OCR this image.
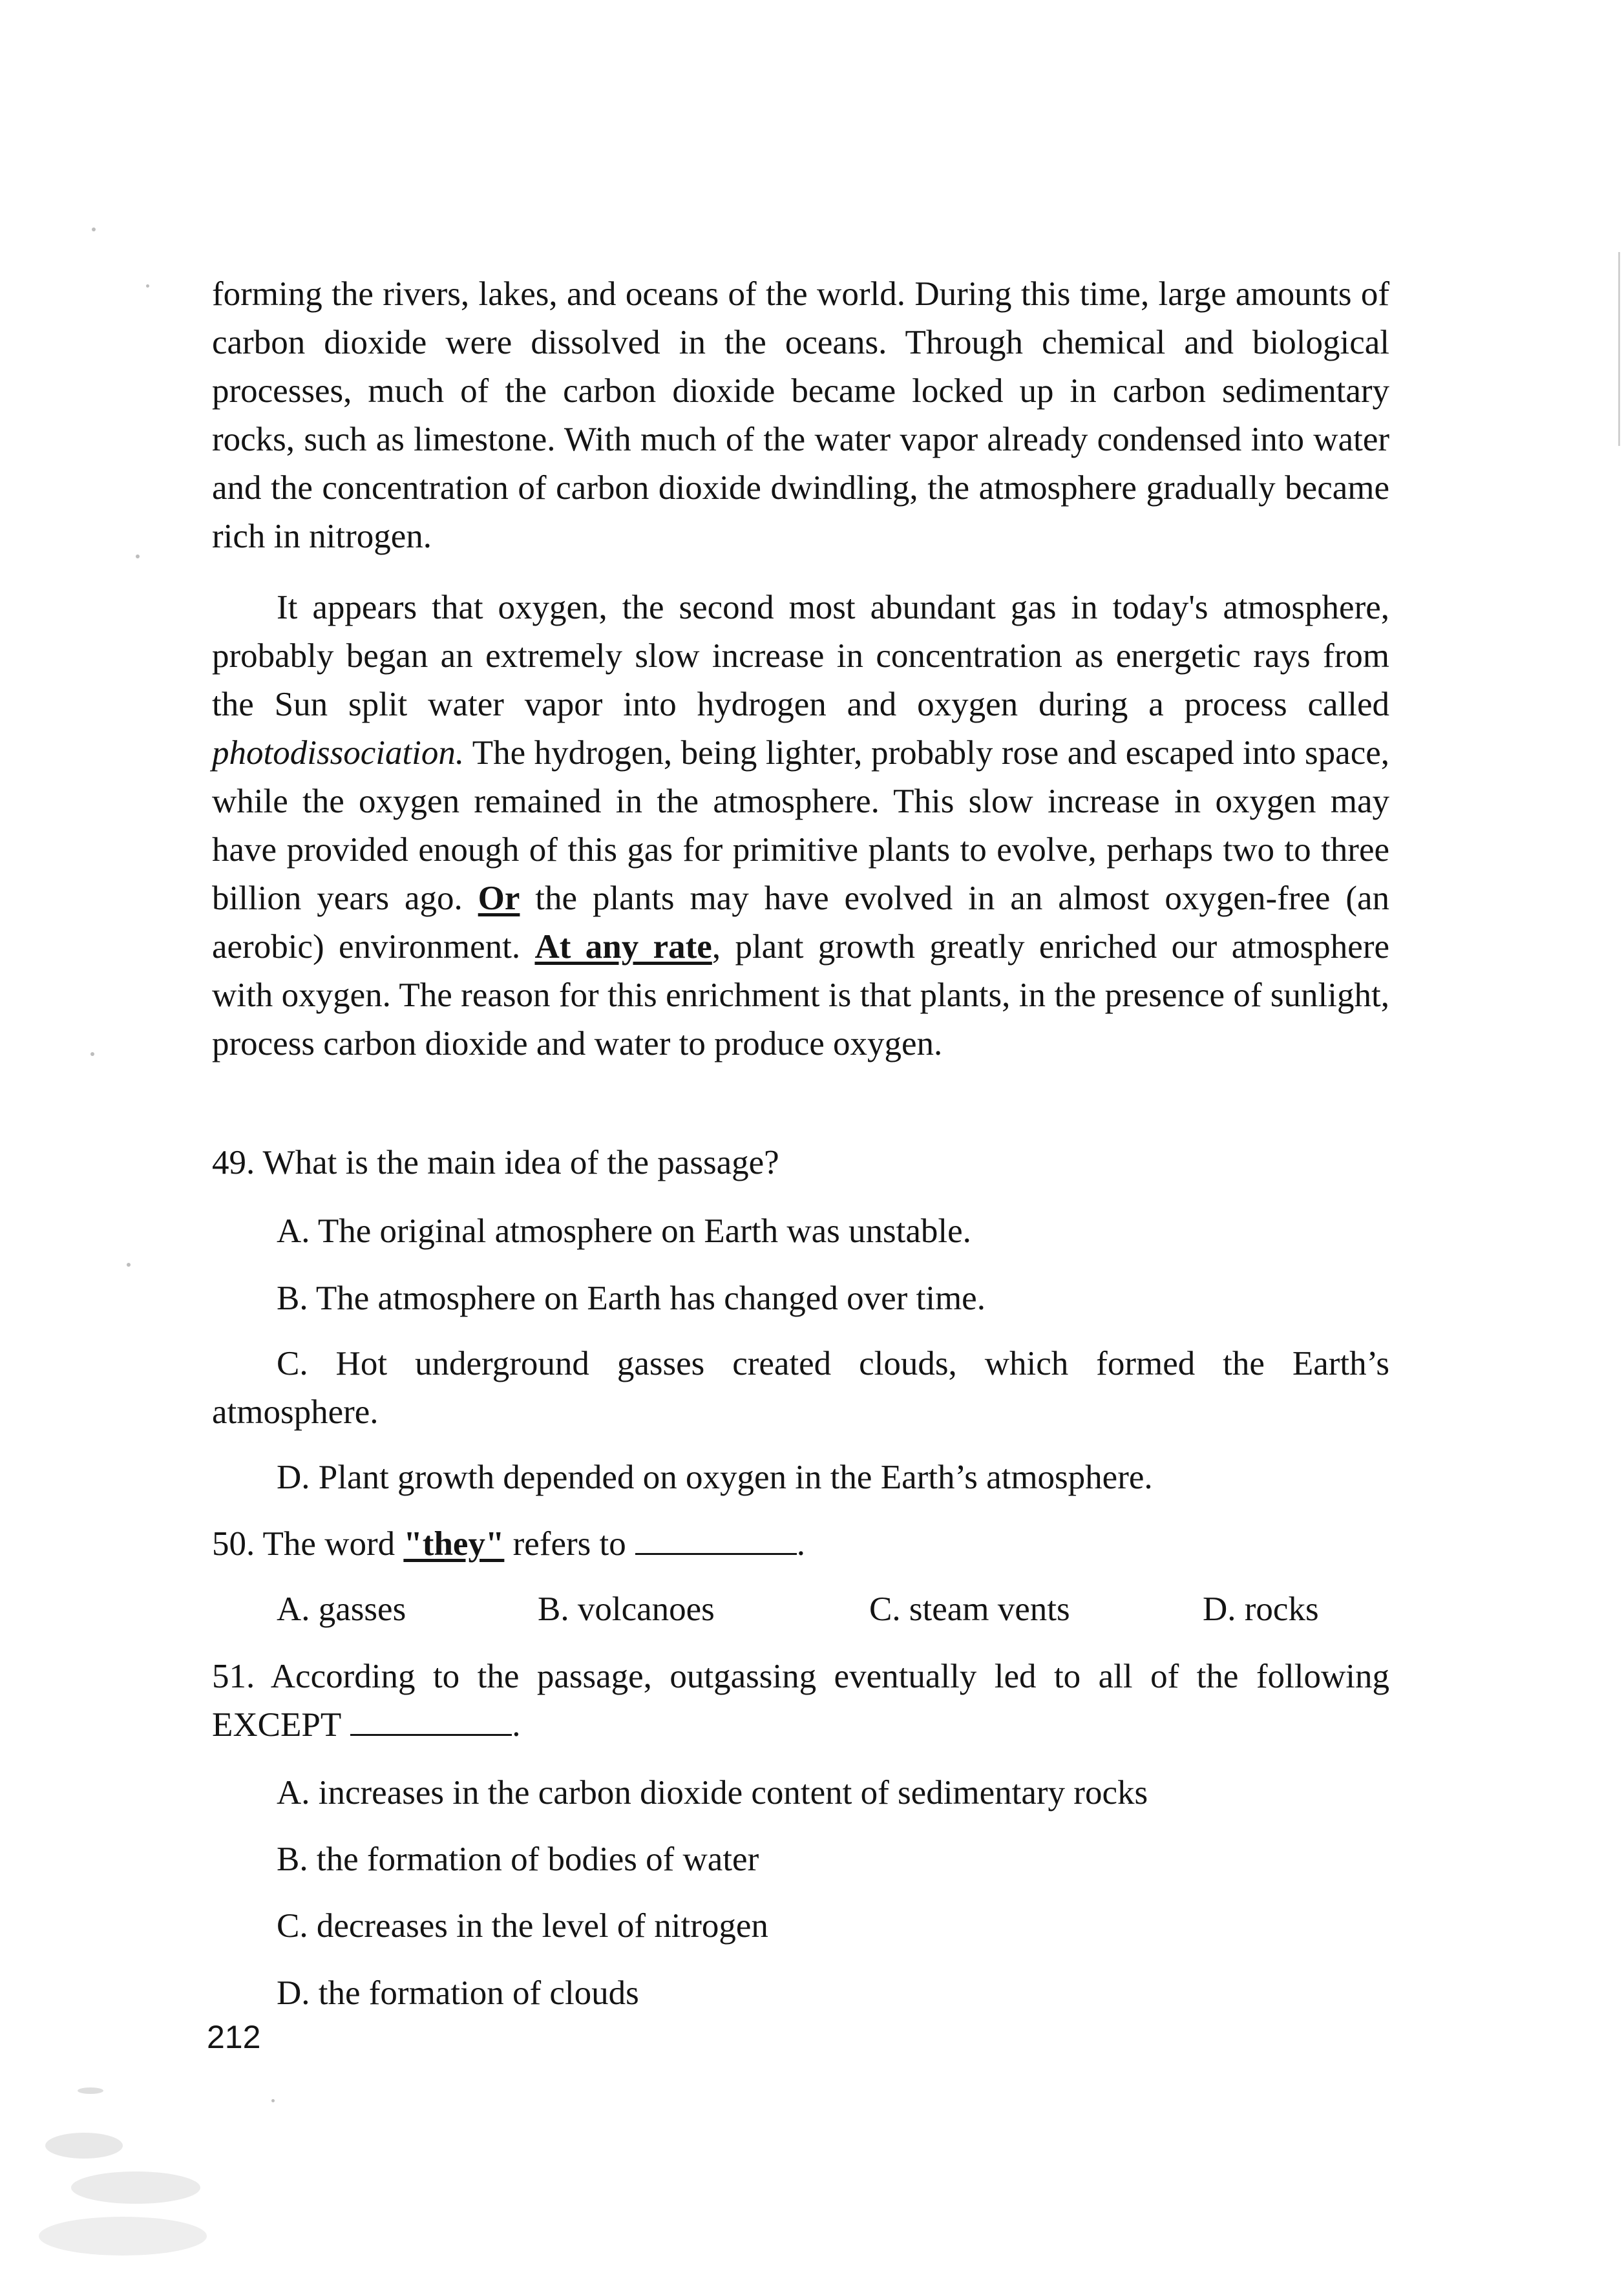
forming the rivers, lakes, and oceans of the world. During this time, large amounts of carbon dioxide were dissolved in the oceans. Through chemical and biological processes, much of the carbon dioxide became locked up in carbon sedimentary rocks, such as limestone. With much of the water vapor already condensed into water and the concentration of carbon dioxide dwindling, the atmosphere gradually became rich in nitrogen.

It appears that oxygen, the second most abundant gas in today's atmosphere, probably began an extremely slow increase in concentration as energetic rays from the Sun split water vapor into hydrogen and oxygen during a process called photodissociation. The hydrogen, being lighter, probably rose and escaped into space, while the oxygen remained in the atmosphere. This slow increase in oxygen may have provided enough of this gas for primitive plants to evolve, perhaps two to three billion years ago. Or the plants may have evolved in an almost oxygen-free (an aerobic) environment. At any rate, plant growth greatly enriched our atmosphere with oxygen. The reason for this enrichment is that plants, in the presence of sunlight, process carbon dioxide and water to produce oxygen.

49. What is the main idea of the passage?

A. The original atmosphere on Earth was unstable.

B. The atmosphere on Earth has changed over time.

C. Hot underground gasses created clouds, which formed the Earth’s atmosphere.

D. Plant growth depended on oxygen in the Earth’s atmosphere.

50. The word "they" refers to	.

A. gasses	B. volcanoes	C. steam vents	D. rocks

51. According to the passage, outgassing eventually led to all of the following EXCEPT	.

A. increases in the carbon dioxide content of sedimentary rocks

B. the formation of bodies of water

C. decreases in the level of nitrogen

D. the formation of clouds

212
